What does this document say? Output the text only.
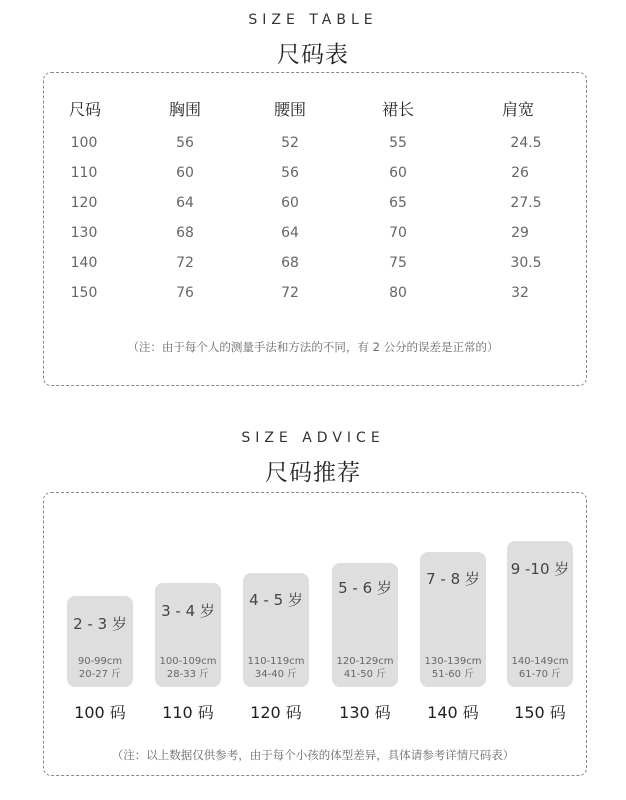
SIZE TABLE
尺码表
尺码	胸围	腰围	裙长	肩宽
100	56	52	55	24.5
110	60	56	60	26
120	64	60	65	27.5
130	68	64	70	29
140	72	68	75	30.5
150	76	72	80	32
（注：由于每个人的测量手法和方法的不同，有 2 公分的误差是正常的）
SIZE ADVICE
尺码推荐
2 - 3 岁
3 - 4 岁
4 - 5 岁
5 - 6 岁	7 - 8 岁
9 -10 岁
90-99cm
20-27 斤
100-109cm
28-33 斤
110-119cm
34-40 斤
120-129cm
41-50 斤
130-139cm
51-60 斤
140-149cm
61-70 斤
100 码	110 码	120 码	130 码	140 码	150 码
（注：以上数据仅供参考，由于每个小孩的体型差异，具体请参考详情尺码表）
